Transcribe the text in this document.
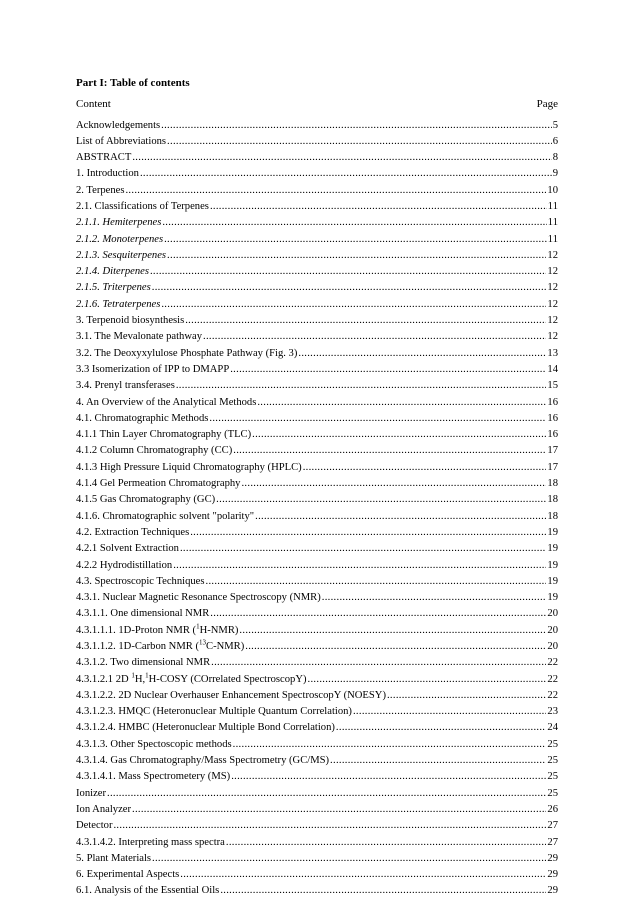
Part I: Table of contents
Content	Page
Acknowledgements .....	5
List of Abbreviations .....	6
ABSTRACT .....	8
1. Introduction .....	9
2. Terpenes .....	10
2.1. Classifications of Terpenes .....	11
2.1.1. Hemiterpenes .....	11
2.1.2. Monoterpenes .....	11
2.1.3. Sesquiterpenes .....	12
2.1.4. Diterpenes .....	12
2.1.5. Triterpenes .....	12
2.1.6. Tetraterpenes .....	12
3. Terpenoid biosynthesis .....	12
3.1. The Mevalonate pathway .....	12
3.2. The Deoxyxylulose Phosphate Pathway (Fig. 3) .....	13
3.3 Isomerization of IPP to DMAPP .....	14
3.4. Prenyl transferases .....	15
4. An Overview of the Analytical Methods .....	16
4.1. Chromatographic Methods .....	16
4.1.1 Thin Layer Chromatography (TLC) .....	16
4.1.2 Column Chromatography (CC) .....	17
4.1.3 High Pressure Liquid Chromatography (HPLC) .....	17
4.1.4 Gel Permeation Chromatography .....	18
4.1.5 Gas Chromatography (GC) .....	18
4.1.6. Chromatographic solvent "polarity" .....	18
4.2. Extraction Techniques .....	19
4.2.1 Solvent Extraction .....	19
4.2.2 Hydrodistillation .....	19
4.3. Spectroscopic Techniques .....	19
4.3.1. Nuclear Magnetic Resonance Spectroscopy (NMR) .....	19
4.3.1.1. One dimensional NMR .....	20
4.3.1.1.1. 1D-Proton NMR ($^1$H-NMR) .....	20
4.3.1.1.2. 1D-Carbon NMR ($^{13}$C-NMR) .....	20
4.3.1.2. Two dimensional NMR .....	22
4.3.1.2.1 2D $^1$H,$^1$H-COSY (COrrelated SpectroscopY) .....	22
4.3.1.2.2. 2D Nuclear Overhauser Enhancement SpectroscopY (NOESY) .....	22
4.3.1.2.3. HMQC (Heteronuclear Multiple Quantum Correlation) .....	23
4.3.1.2.4. HMBC (Heteronuclear Multiple Bond Correlation) .....	24
4.3.1.3. Other Spectoscopic methods .....	25
4.3.1.4. Gas Chromatography/Mass Spectrometry (GC/MS) .....	25
4.3.1.4.1. Mass Spectrometery (MS) .....	25
Ionizer .....	25
Ion Analyzer .....	26
Detector .....	27
4.3.1.4.2. Interpreting mass spectra .....	27
5. Plant Materials .....	29
6. Experimental Aspects .....	29
6.1. Analysis of the Essential Oils .....	29
